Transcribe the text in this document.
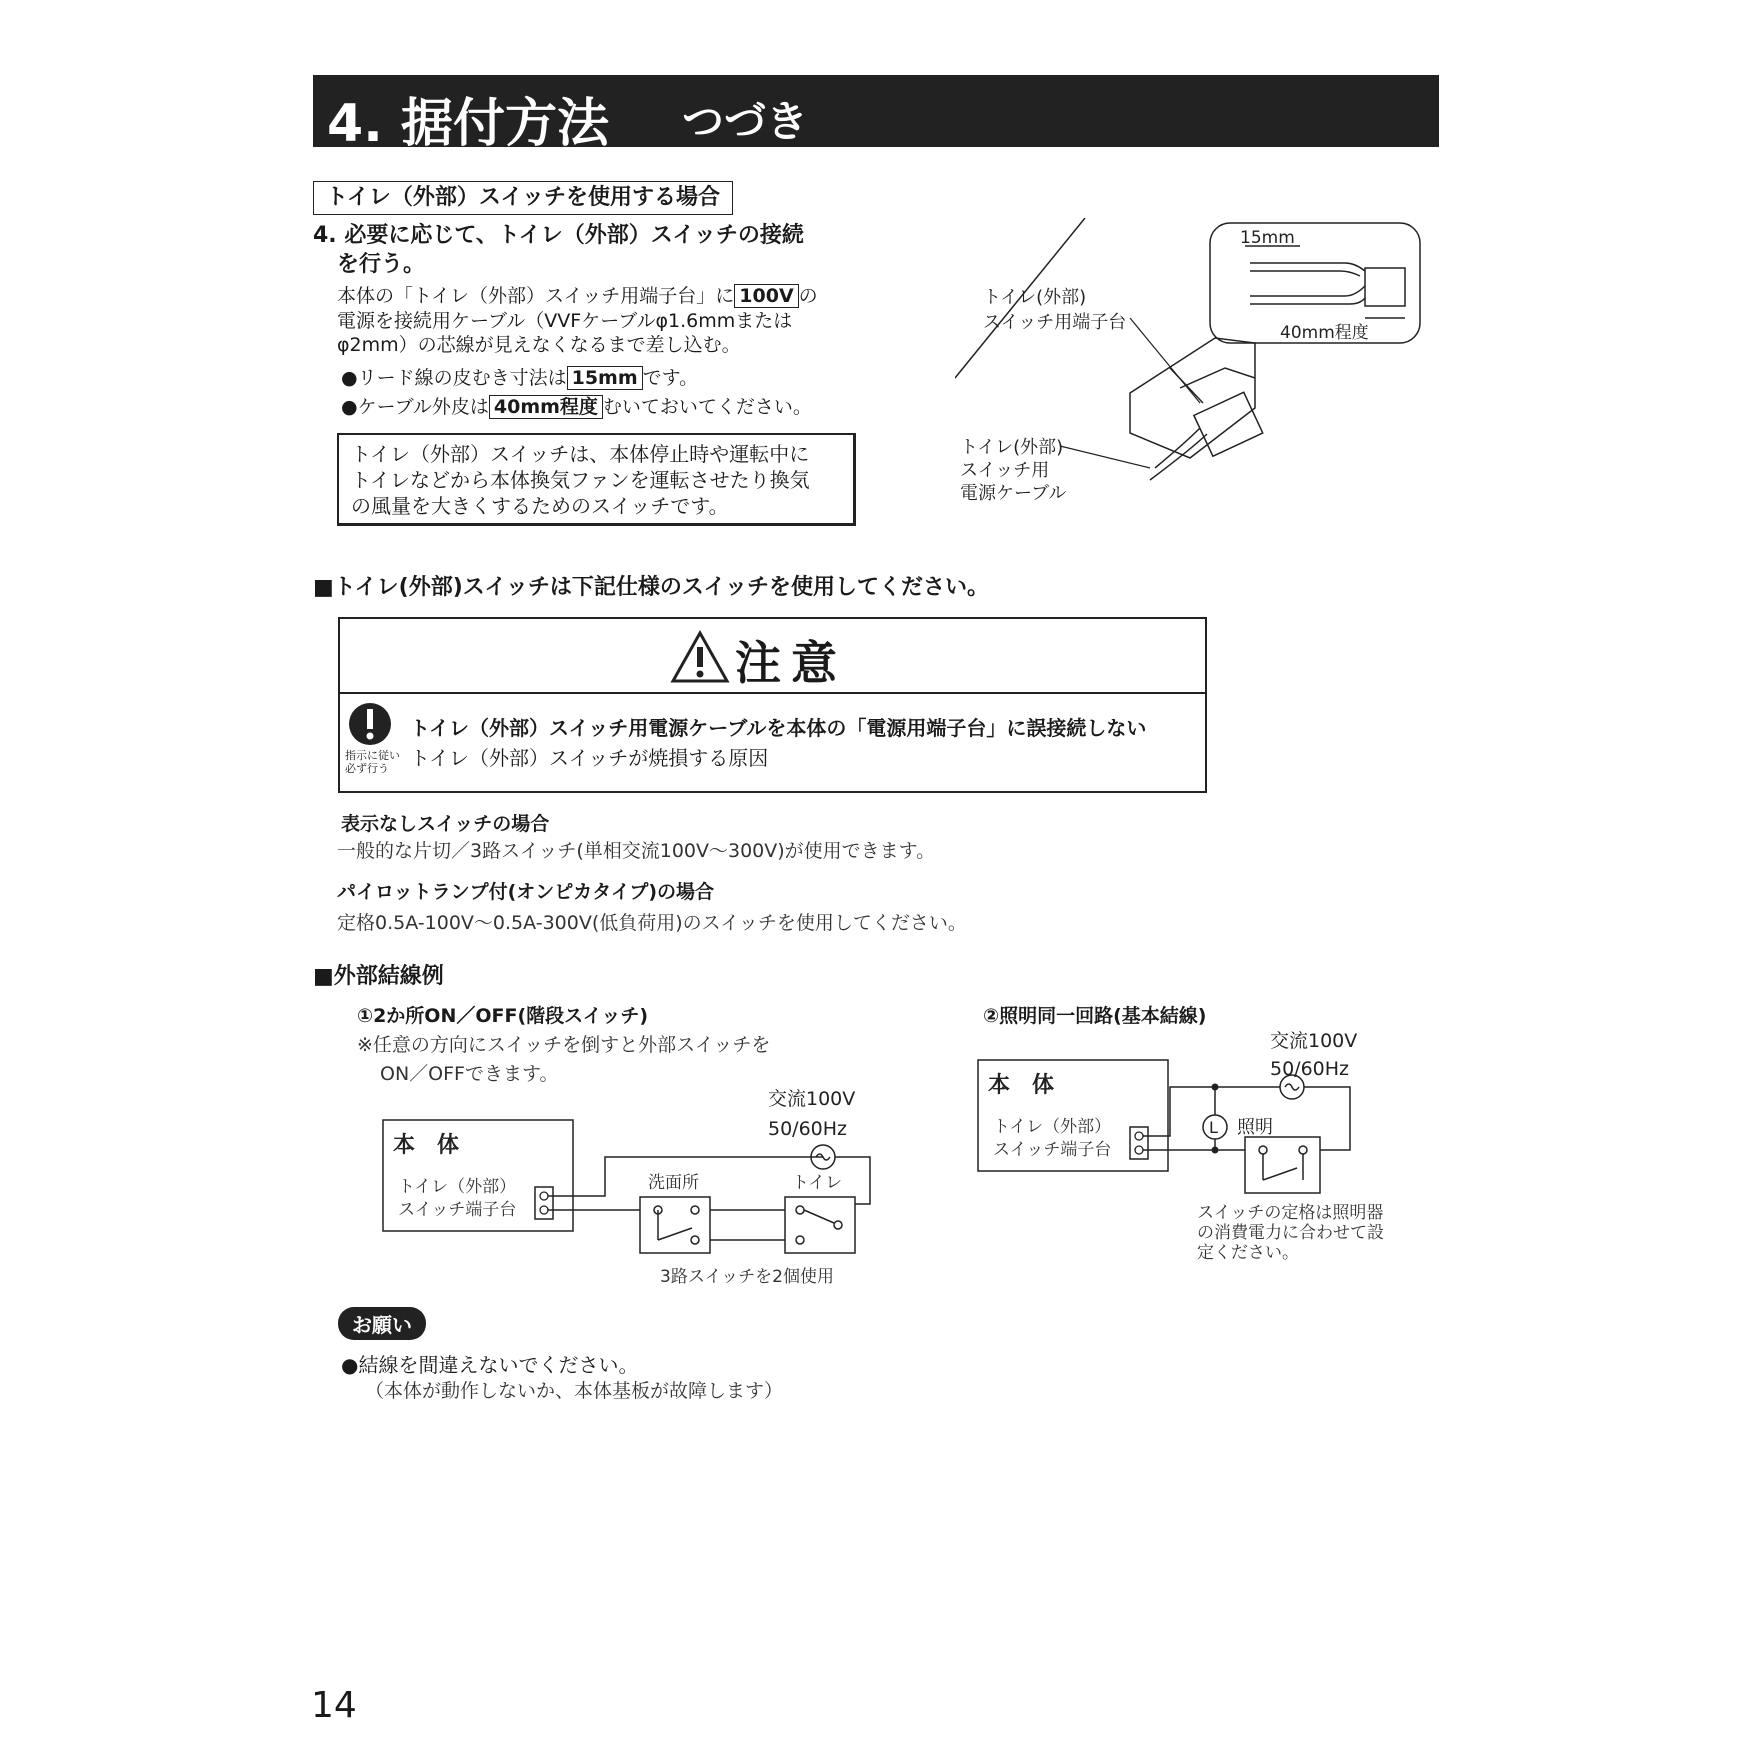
4. 据付方法 つづき
トイレ（外部）スイッチを使用する場合
4. 必要に応じて、トイレ（外部）スイッチの接続
を行う。
本体の「トイレ（外部）スイッチ用端子台」に 100V の
電源を接続用ケーブル（VVFケーブルφ1.6mmまたは
φ2mm）の芯線が見えなくなるまで差し込む。
●リード線の皮むき寸法は 15mm です。
●ケーブル外皮は 40mm程度 むいておいてください。
トイレ（外部）スイッチは、本体停止時や運転中に
トイレなどから本体換気ファンを運転させたり換気
の風量を大きくするためのスイッチです。
15mm
40mm程度
トイレ(外部)
スイッチ用端子台
トイレ(外部)
スイッチ用
電源ケーブル
■トイレ(外部)スイッチは下記仕様のスイッチを使用してください。
注意
指示に従い
必ず行う
トイレ（外部）スイッチ用電源ケーブルを本体の「電源用端子台」に誤接続しない
トイレ（外部）スイッチが焼損する原因
表示なしスイッチの場合
一般的な片切／3路スイッチ(単相交流100V～300V)が使用できます。
パイロットランプ付(オンピカタイプ)の場合
定格0.5A-100V～0.5A-300V(低負荷用)のスイッチを使用してください。
■外部結線例
①2か所ON／OFF(階段スイッチ)
※任意の方向にスイッチを倒すと外部スイッチを
ON／OFFできます。
本　体
トイレ（外部）
スイッチ端子台
交流100V
50/60Hz
洗面所	トイレ
3路スイッチを2個使用
②照明同一回路(基本結線)
交流100V
50/60Hz
本　体
トイレ（外部）
スイッチ端子台
L 照明
スイッチの定格は照明器
の消費電力に合わせて設
定ください。
お願い
●結線を間違えないでください。
（本体が動作しないか、本体基板が故障します）
14
